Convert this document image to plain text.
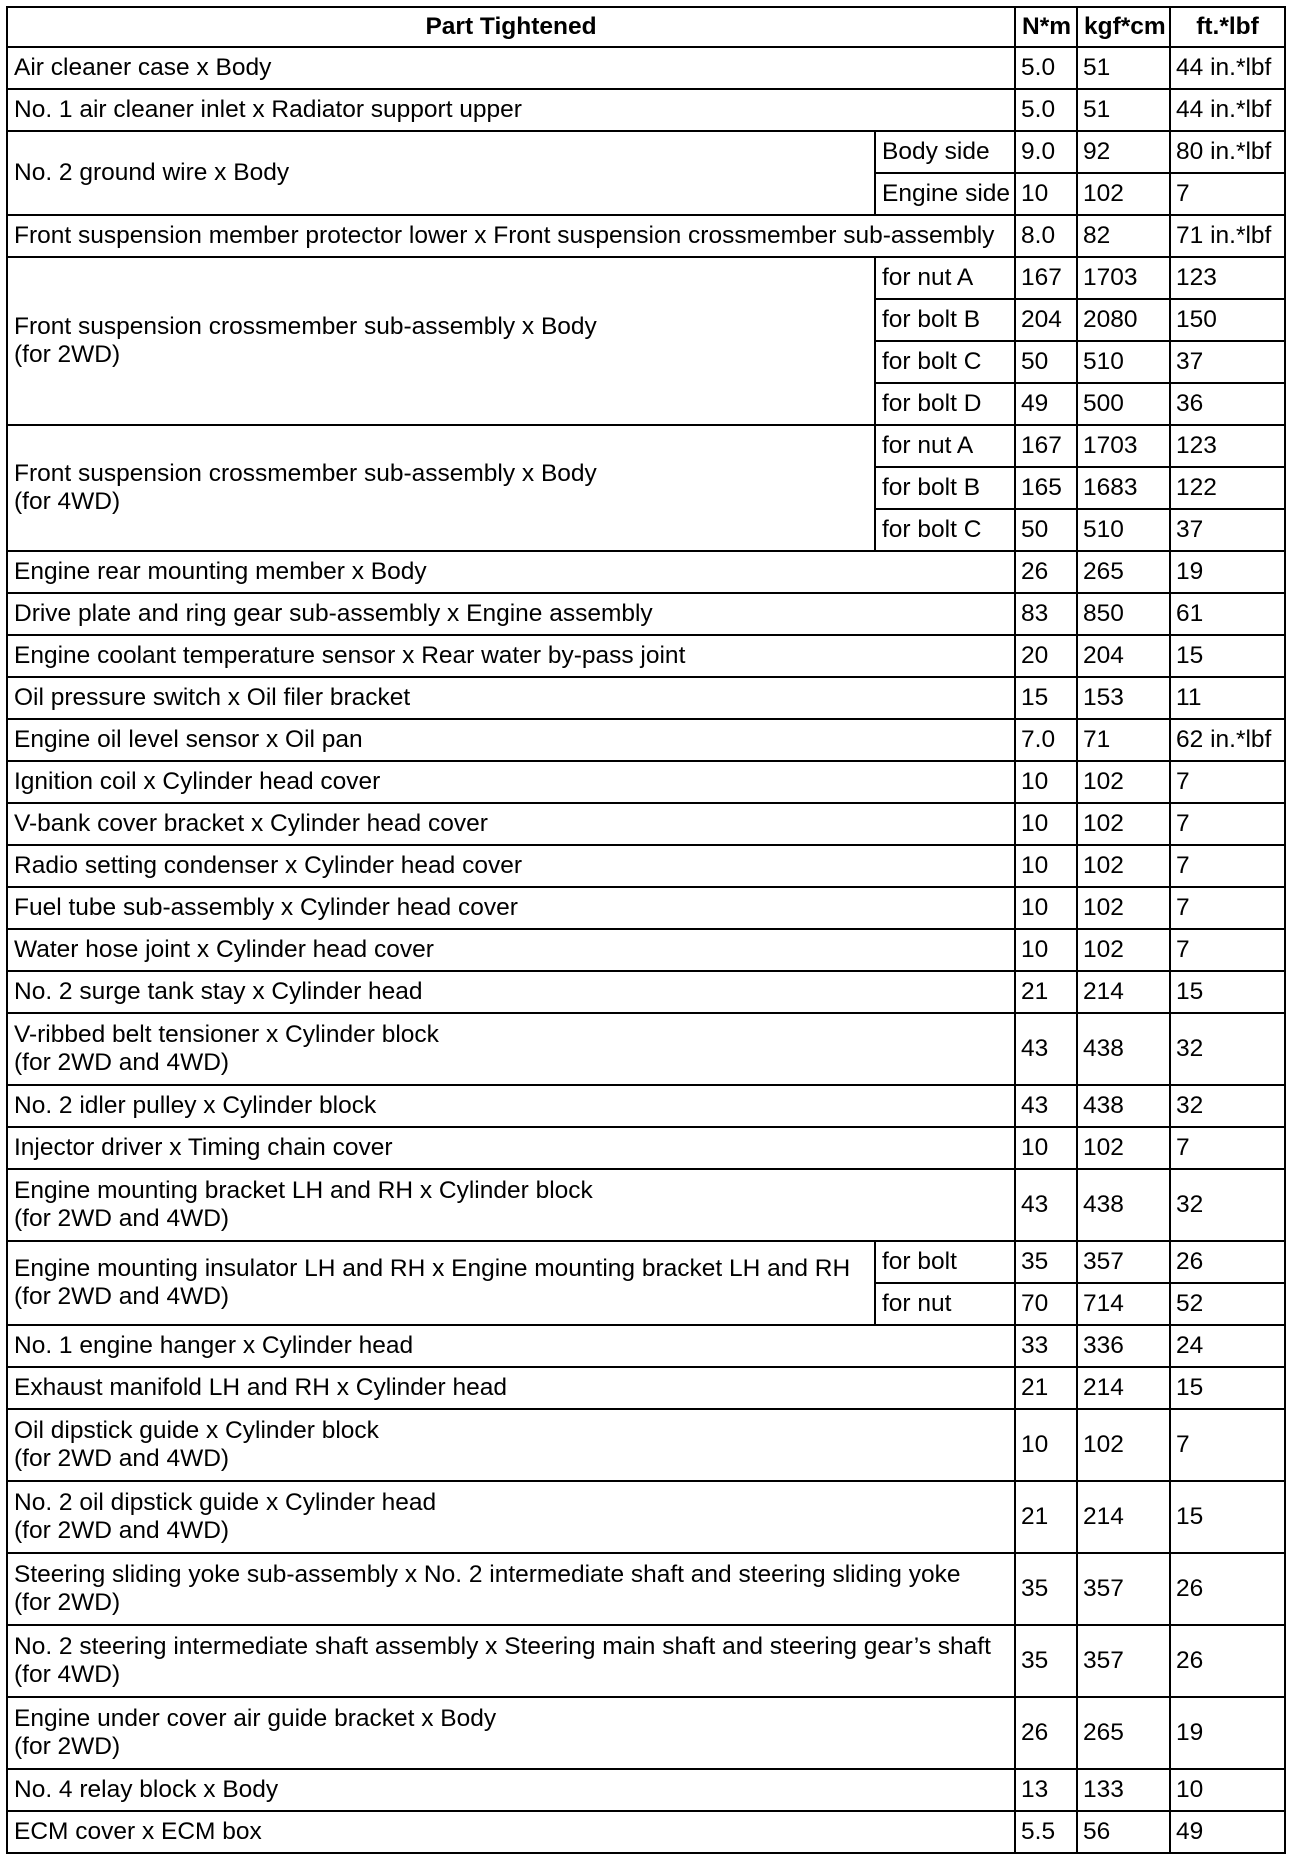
Part Tightened		N*m	kgf*cm	ft.*lbf
Air cleaner case x Body		5.0	51	44 in.*lbf
No. 1 air cleaner inlet x Radiator support upper		5.0	51	44 in.*lbf
No. 2 ground wire x Body	Body side	9.0	92	80 in.*lbf
	Engine side	10	102	7
Front suspension member protector lower x Front suspension crossmember sub-assembly		8.0	82	71 in.*lbf
Front suspension crossmember sub-assembly x Body
(for 2WD)	for nut A	167	1703	123
	for bolt B	204	2080	150
	for bolt C	50	510	37
	for bolt D	49	500	36
Front suspension crossmember sub-assembly x Body
(for 4WD)	for nut A	167	1703	123
	for bolt B	165	1683	122
	for bolt C	50	510	37
Engine rear mounting member x Body		26	265	19
Drive plate and ring gear sub-assembly x Engine assembly		83	850	61
Engine coolant temperature sensor x Rear water by-pass joint		20	204	15
Oil pressure switch x Oil filer bracket		15	153	11
Engine oil level sensor x Oil pan		7.0	71	62 in.*lbf
Ignition coil x Cylinder head cover		10	102	7
V-bank cover bracket x Cylinder head cover		10	102	7
Radio setting condenser x Cylinder head cover		10	102	7
Fuel tube sub-assembly x Cylinder head cover		10	102	7
Water hose joint x Cylinder head cover		10	102	7
No. 2 surge tank stay x Cylinder head		21	214	15
V-ribbed belt tensioner x Cylinder block
(for 2WD and 4WD)		43	438	32
No. 2 idler pulley x Cylinder block		43	438	32
Injector driver x Timing chain cover		10	102	7
Engine mounting bracket LH and RH x Cylinder block
(for 2WD and 4WD)		43	438	32
Engine mounting insulator LH and RH x Engine mounting bracket LH and RH
(for 2WD and 4WD)	for bolt	35	357	26
	for nut	70	714	52
No. 1 engine hanger x Cylinder head		33	336	24
Exhaust manifold LH and RH x Cylinder head		21	214	15
Oil dipstick guide x Cylinder block
(for 2WD and 4WD)		10	102	7
No. 2 oil dipstick guide x Cylinder head
(for 2WD and 4WD)		21	214	15
Steering sliding yoke sub-assembly x No. 2 intermediate shaft and steering sliding yoke
(for 2WD)		35	357	26
No. 2 steering intermediate shaft assembly x Steering main shaft and steering gear’s shaft
(for 4WD)		35	357	26
Engine under cover air guide bracket x Body
(for 2WD)		26	265	19
No. 4 relay block x Body		13	133	10
ECM cover x ECM box		5.5	56	49
